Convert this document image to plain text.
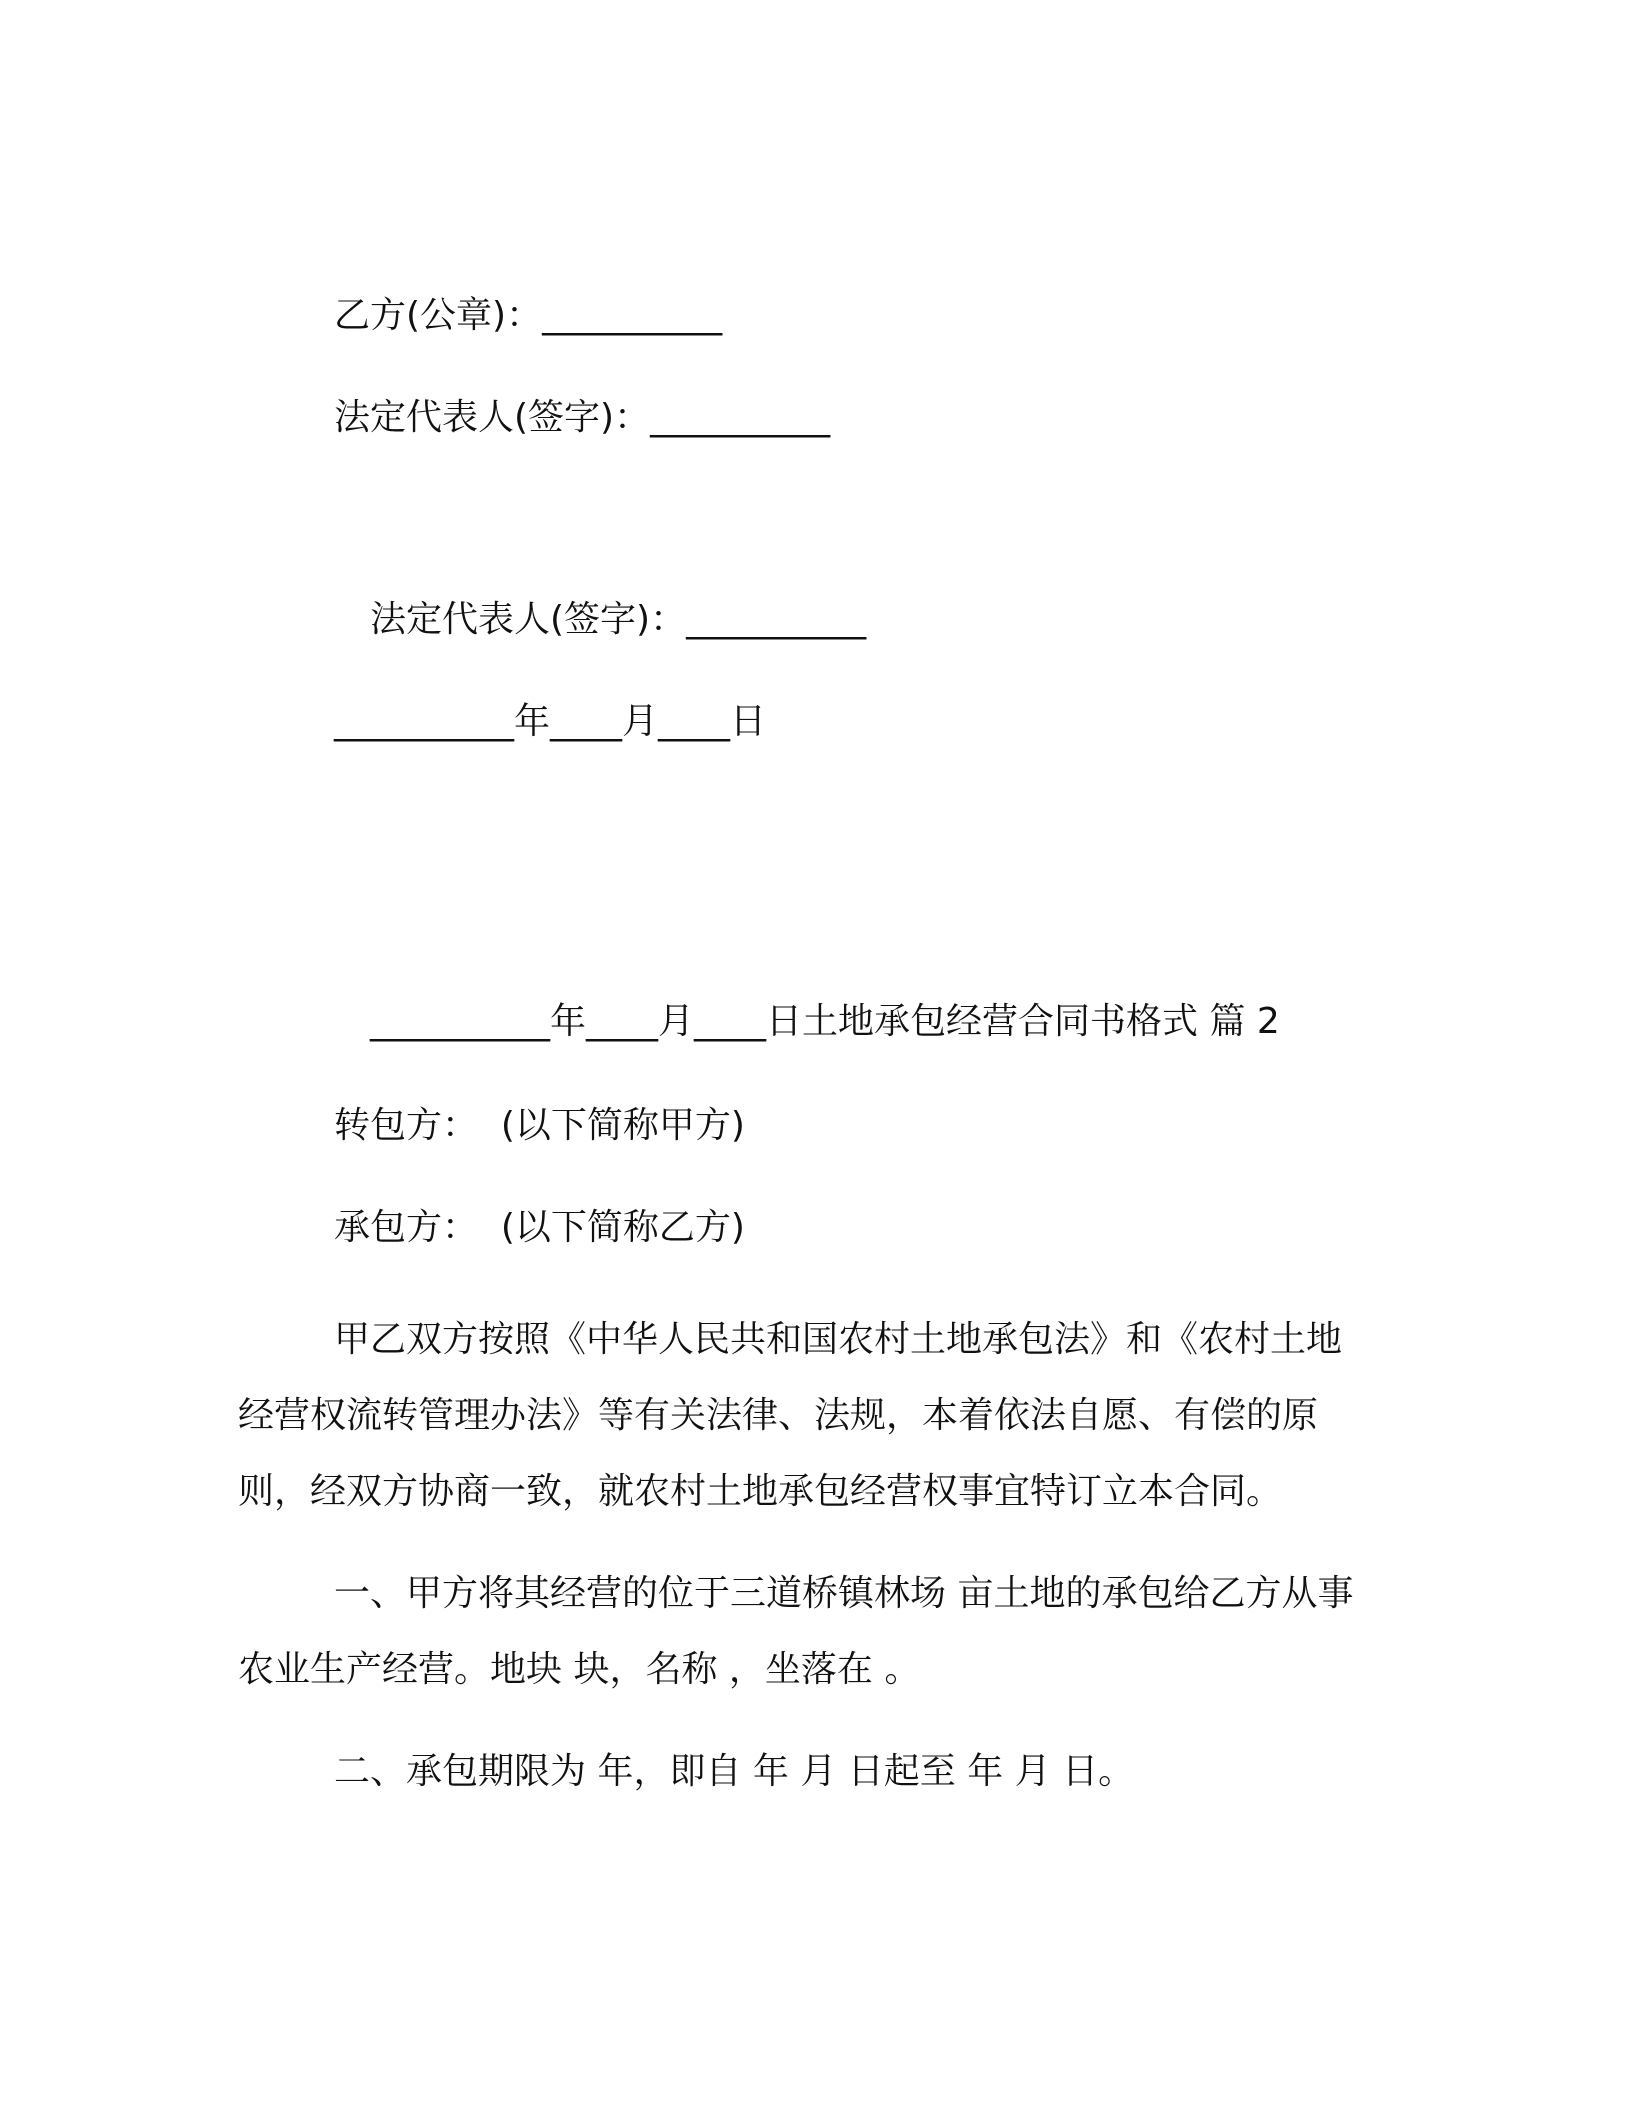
乙方(公章)：__________
法定代表人(签字)：__________
法定代表人(签字)：__________
__________年____月____日
__________年____月____日土地承包经营合同书格式 篇 2
转包方：  (以下简称甲方)
承包方：  (以下简称乙方)
甲乙双方按照《中华人民共和国农村土地承包法》和《农村土地
经营权流转管理办法》等有关法律、法规，本着依法自愿、有偿的原
则，经双方协商一致，就农村土地承包经营权事宜特订立本合同。
一、甲方将其经营的位于三道桥镇林场 亩土地的承包给乙方从事
农业生产经营。地块 块，名称 ，坐落在 。
二、承包期限为 年，即自 年 月 日起至 年 月 日。
